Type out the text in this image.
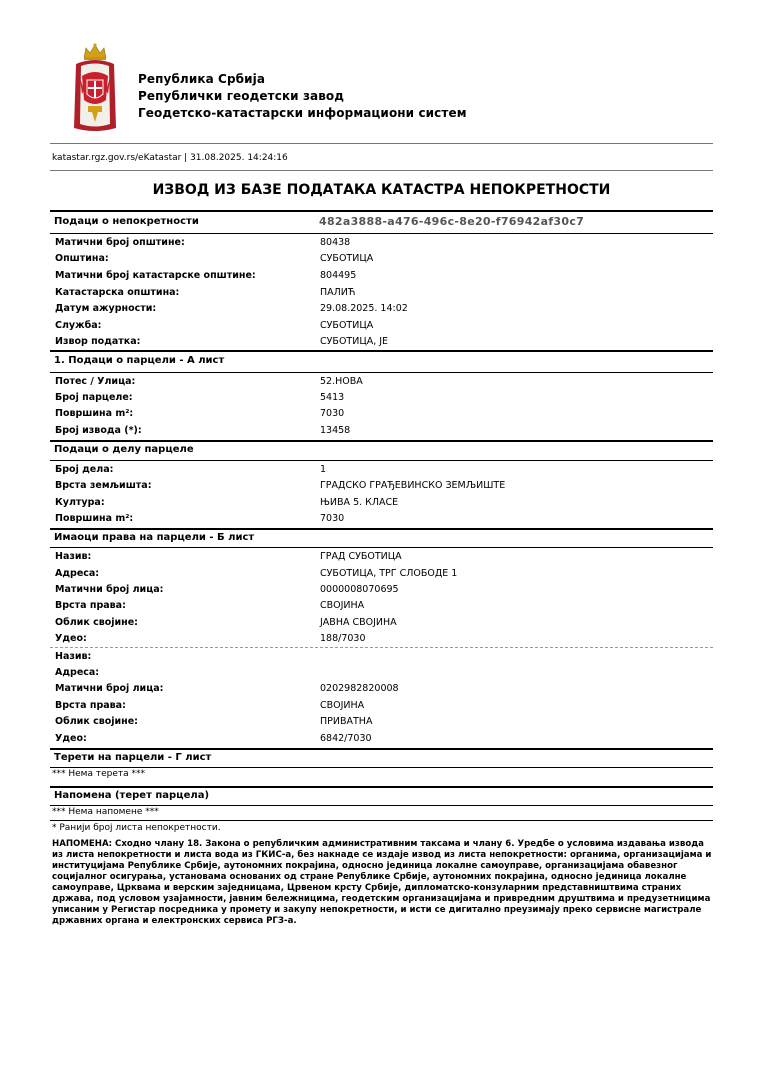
Република Србија
Републички геодетски завод
Геодетско-катастарски информациони систем
katastar.rgz.gov.rs/eKatastar | 31.08.2025. 14:24:16
ИЗВОД ИЗ БАЗЕ ПОДАТАКА КАТАСТРА НЕПОКРЕТНОСТИ
Подаци о непокретности	482a3888-a476-496c-8e20-f76942af30c7
Матични број општине:	80438
Општина:	СУБОТИЦА
Матични број катастарске општине:	804495
Катастарска општина:	ПАЛИЋ
Датум ажурности:	29.08.2025. 14:02
Служба:	СУБОТИЦА
Извор податка:	СУБОТИЦА, ЈЕ
1. Подаци о парцели - А лист
Потес / Улица:	52.НОВА
Број парцеле:	5413
Површина m²:	7030
Број извода (*):	13458
Подаци о делу парцеле
Број дела:	1
Врста земљишта:	ГРАДСКО ГРАЂЕВИНСКО ЗЕМЉИШТЕ
Култура:	ЊИВА 5. КЛАСЕ
Површина m²:	7030
Имаоци права на парцели - Б лист
Назив:	ГРАД СУБОТИЦА
Адреса:	СУБОТИЦА, ТРГ СЛОБОДЕ 1
Матични број лица:	0000008070695
Врста права:	СВОЈИНА
Облик својине:	ЈАВНА СВОЈИНА
Удео:	188/7030
Назив:
Адреса:
Матични број лица:	0202982820008
Врста права:	СВОЈИНА
Облик својине:	ПРИВАТНА
Удео:	6842/7030
Терети на парцели - Г лист
*** Нема терета ***
Напомена (терет парцела)
*** Нема напомене ***
* Ранији број листа непокретности.
НАПОМЕНА: Сходно члану 18. Закона о републичким административним таксама и члану 6. Уредбе о условима издавања извода из листа непокретности и листа вода из ГКИС-а, без накнаде се издаје извод из листа непокретности: органима, организацијама и институцијама Републике Србије, аутономних покрајина, односно јединица локалне самоуправе, организацијама обавезног социјалног осигурања, установама основаних од стране Републике Србије, аутономних покрајина, односно јединица локалне самоуправе, Црквама и верским заједницама, Црвеном крсту Србије, дипломатско-конзуларним представништвима страних држава, под условом узајамности, јавним бележницима, геодетским организацијама и привредним друштвима и предузетницима уписаним у Регистар посредника у промету и закупу непокретности, и исти се дигитално преузимају преко сервисне магистрале државних органа и електронских сервиса РГЗ-а.
